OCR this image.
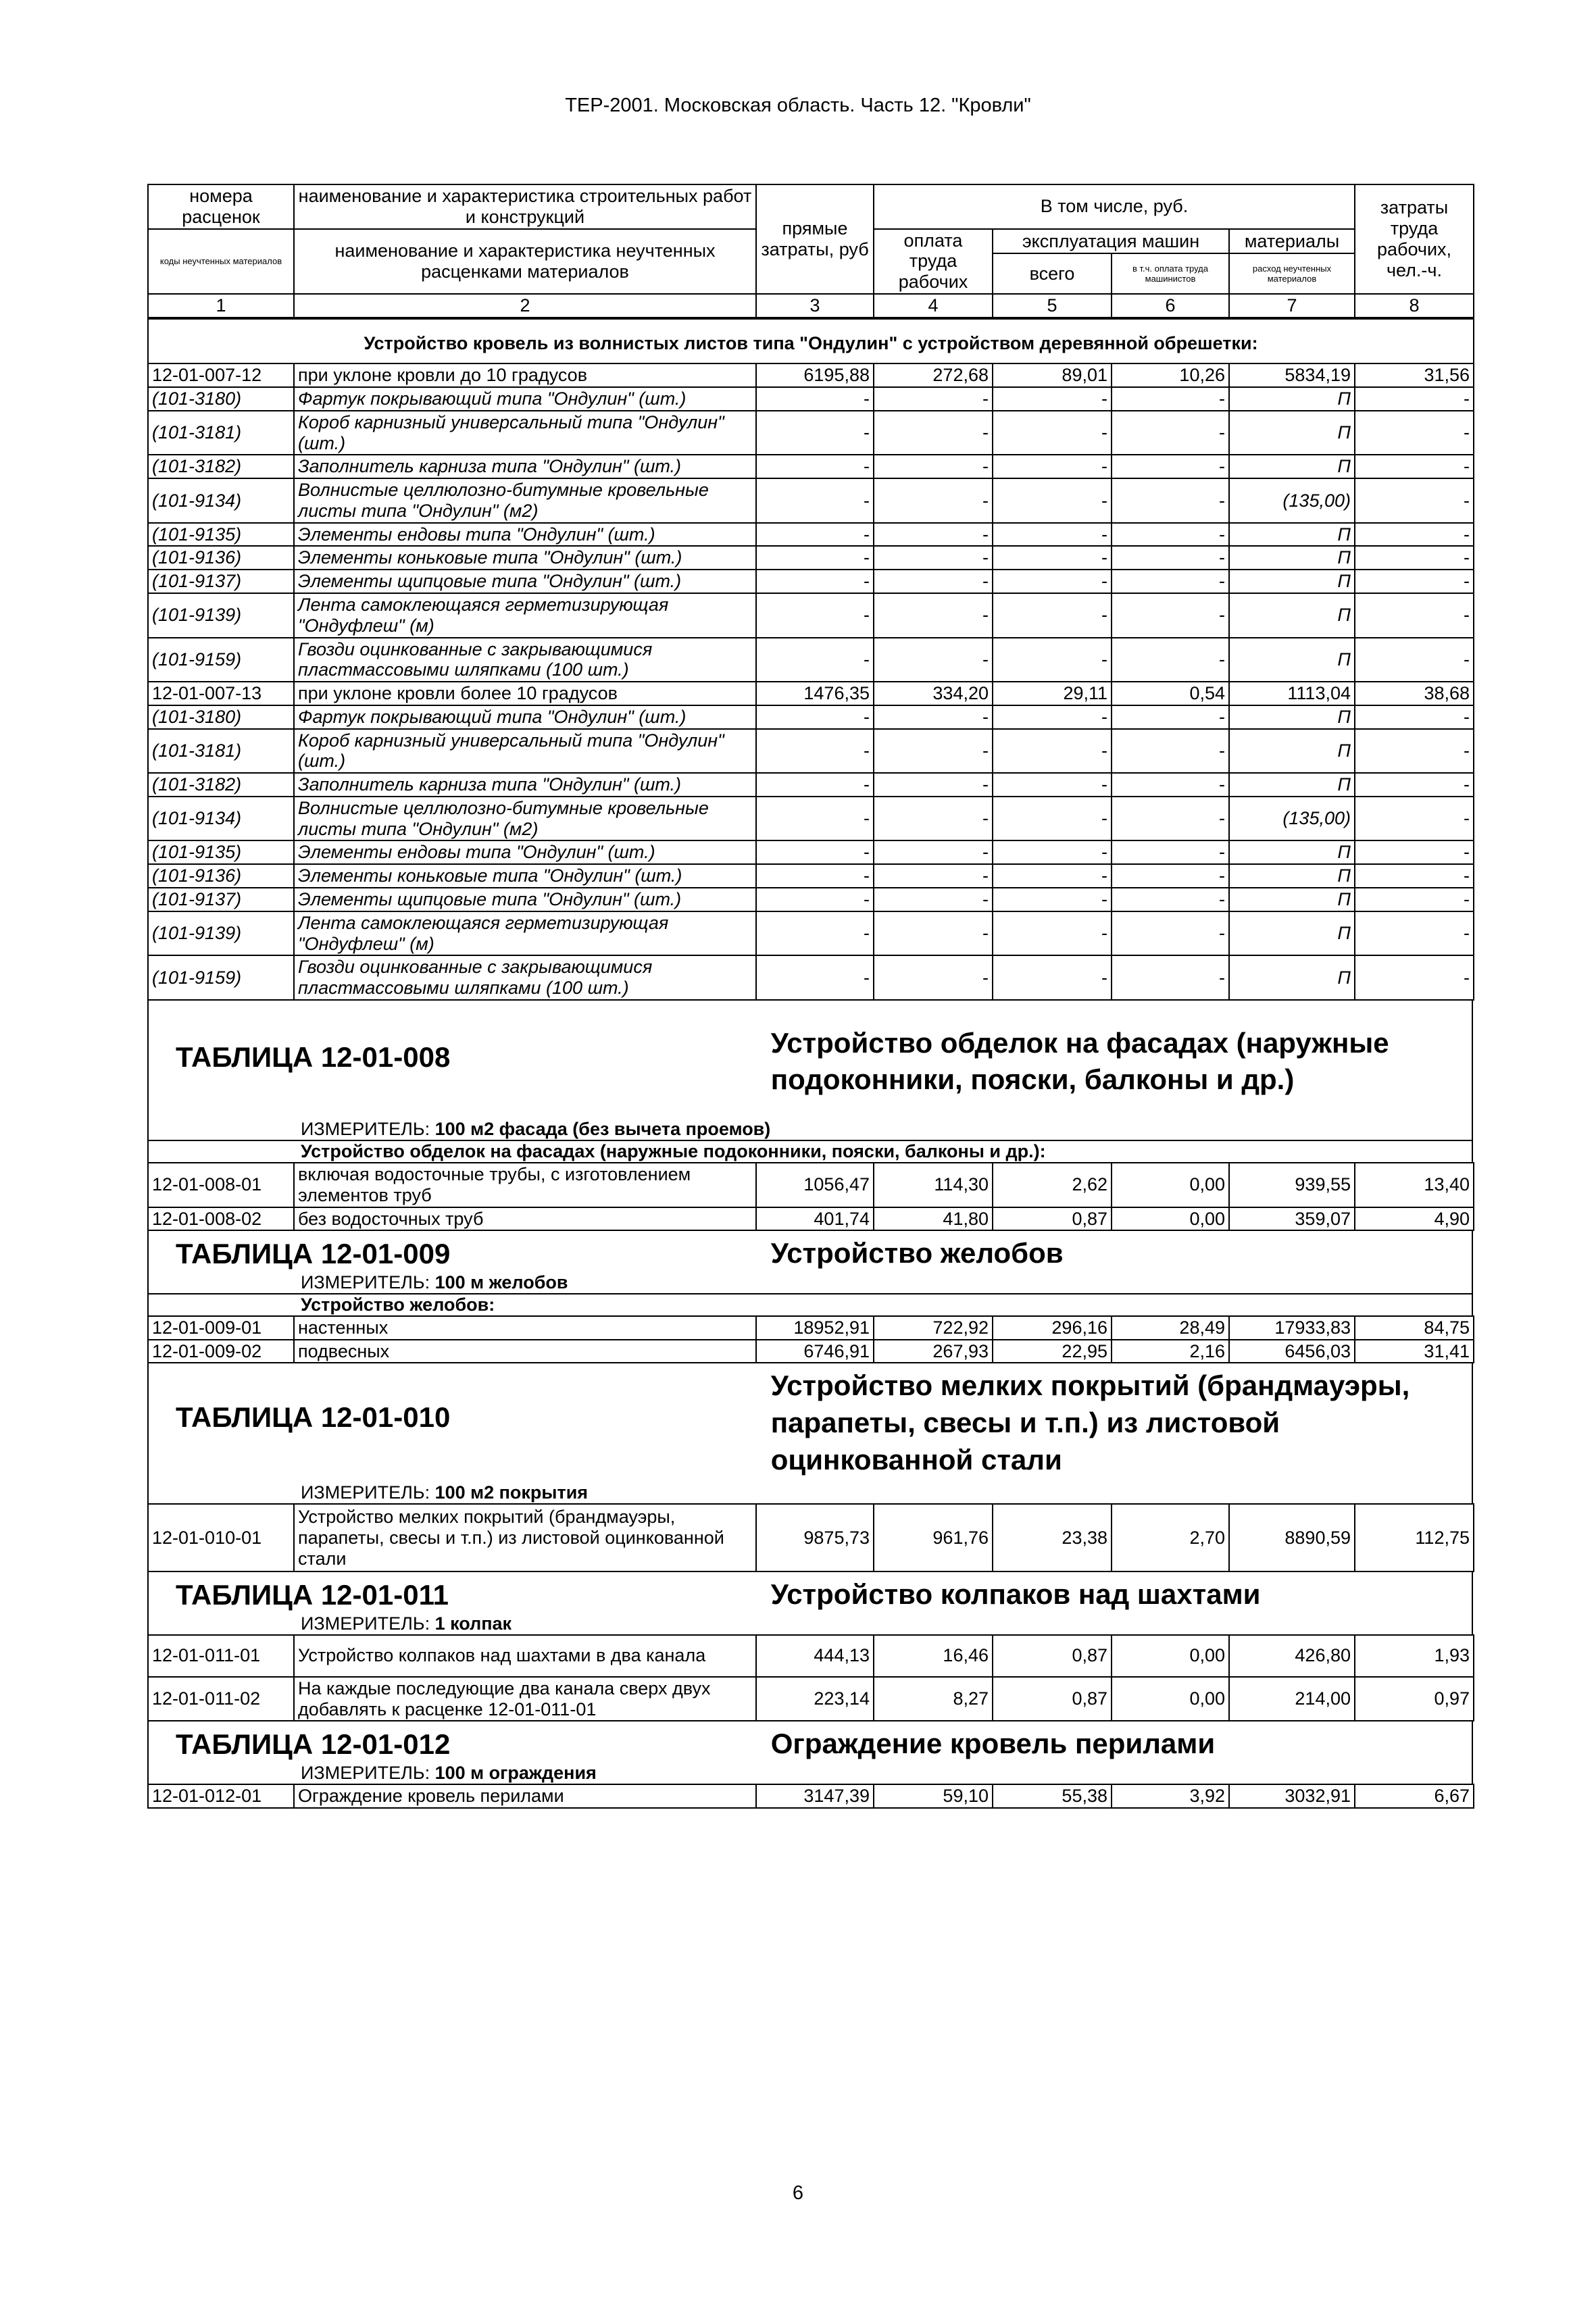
ТЕР-2001. Московская область. Часть 12. "Кровли"
номера расценок	наименование и характеристика строительных работ и конструкций	прямые затраты, руб	В том числе, руб.				затраты труда рабочих, чел.-ч.
коды неучтенных материалов	наименование и характеристика неучтенных расценками материалов		оплата труда рабочих	эксплуатация машин		материалы	
				всего	в т.ч. оплата труда машинистов	расход неучтенных материалов	
1	2	3	4	5	6	7	8
Устройство кровель из волнистых листов типа "Ондулин" с устройством деревянной обрешетки:							
12-01-007-12	при уклоне кровли до 10 градусов	6195,88	272,68	89,01	10,26	5834,19	31,56
(101-3180)	Фартук покрывающий типа "Ондулин" (шт.)	-	-	-	-	П	-
(101-3181)	Короб карнизный универсальный типа "Ондулин" (шт.)	-	-	-	-	П	-
(101-3182)	Заполнитель карниза типа "Ондулин" (шт.)	-	-	-	-	П	-
(101-9134)	Волнистые целлюлозно-битумные кровельные листы типа "Ондулин" (м2)	-	-	-	-	(135,00)	-
(101-9135)	Элементы ендовы типа "Ондулин" (шт.)	-	-	-	-	П	-
(101-9136)	Элементы коньковые типа "Ондулин" (шт.)	-	-	-	-	П	-
(101-9137)	Элементы щипцовые типа "Ондулин" (шт.)	-	-	-	-	П	-
(101-9139)	Лента самоклеющаяся герметизирующая "Ондуфлеш" (м)	-	-	-	-	П	-
(101-9159)	Гвозди оцинкованные с закрывающимися пластмассовыми шляпками (100 шт.)	-	-	-	-	П	-
12-01-007-13	при уклоне кровли более 10 градусов	1476,35	334,20	29,11	0,54	1113,04	38,68
(101-3180)	Фартук покрывающий типа "Ондулин" (шт.)	-	-	-	-	П	-
(101-3181)	Короб карнизный универсальный типа "Ондулин" (шт.)	-	-	-	-	П	-
(101-3182)	Заполнитель карниза типа "Ондулин" (шт.)	-	-	-	-	П	-
(101-9134)	Волнистые целлюлозно-битумные кровельные листы типа "Ондулин" (м2)	-	-	-	-	(135,00)	-
(101-9135)	Элементы ендовы типа "Ондулин" (шт.)	-	-	-	-	П	-
(101-9136)	Элементы коньковые типа "Ондулин" (шт.)	-	-	-	-	П	-
(101-9137)	Элементы щипцовые типа "Ондулин" (шт.)	-	-	-	-	П	-
(101-9139)	Лента самоклеющаяся герметизирующая "Ондуфлеш" (м)	-	-	-	-	П	-
(101-9159)	Гвозди оцинкованные с закрывающимися пластмассовыми шляпками (100 шт.)	-	-	-	-	П	-
ТАБЛИЦА 12-01-008	Устройство обделок на фасадах (наружные подоконники, пояски, балконы и др.)
ИЗМЕРИТЕЛЬ: 100 м2 фасада (без вычета проемов)
Устройство обделок на фасадах (наружные подоконники, пояски, балконы и др.):
12-01-008-01	включая водосточные трубы, с изготовлением элементов труб	1056,47	114,30	2,62	0,00	939,55	13,40
12-01-008-02	без водосточных труб	401,74	41,80	0,87	0,00	359,07	4,90
ТАБЛИЦА 12-01-009	Устройство желобов
ИЗМЕРИТЕЛЬ: 100 м желобов
Устройство желобов:
12-01-009-01	настенных	18952,91	722,92	296,16	28,49	17933,83	84,75
12-01-009-02	подвесных	6746,91	267,93	22,95	2,16	6456,03	31,41
ТАБЛИЦА 12-01-010
Устройство мелких покрытий (брандмауэры, парапеты, свесы и т.п.) из листовой оцинкованной стали
ИЗМЕРИТЕЛЬ: 100 м2 покрытия
12-01-010-01	Устройство мелких покрытий (брандмауэры, парапеты, свесы и т.п.) из листовой оцинкованной стали	9875,73	961,76	23,38	2,70	8890,59	112,75
ТАБЛИЦА 12-01-011	Устройство колпаков над шахтами
ИЗМЕРИТЕЛЬ: 1 колпак
12-01-011-01	Устройство колпаков над шахтами в два канала	444,13	16,46	0,87	0,00	426,80	1,93
12-01-011-02	На каждые последующие два канала сверх двух добавлять к расценке 12-01-011-01	223,14	8,27	0,87	0,00	214,00	0,97
ТАБЛИЦА 12-01-012	Ограждение кровель перилами
ИЗМЕРИТЕЛЬ: 100 м ограждения
12-01-012-01	Ограждение кровель перилами	3147,39	59,10	55,38	3,92	3032,91	6,67
6
